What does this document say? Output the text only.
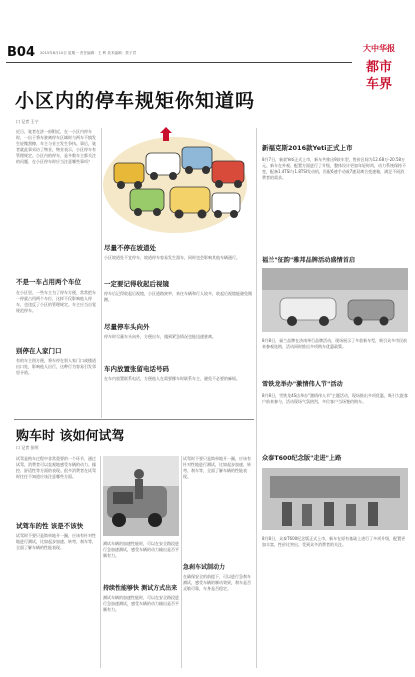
B04 2015年8月10日 星期一 责任编辑：王 利 美术编辑：蔡子君	大中华报
都市
车界
小区内的停车规矩你知道吗
口 记者 王宁
近日，笔者在济一府附近，在一小区内停车时，一出于将车驶离停车区域时与两车不慎发生轻微刮擦，车主与业主发生争执。事后，笔者就此事采访了物业，物业表示，小区停车有管理规定。小区内的停车，是多数车主都关注的问题，在小区停车时应当注意哪些事项？
不是一车占用两个车位
在小区里，一些车主为了停车方便，常常把车一停就占用两个车位，这样不仅影响他人停车，也违反了小区的管理规定。车主应当自觉规范停车。
别停在人家门口
有的车主图方便，将车停在别人家门口或楼道出口处，影响他人出行，这种行为容易引发邻里矛盾。
尽量不停在坡道处
小区坡道处不宜停车，坡道停车容易发生溜车，同时也会影响其他车辆通行。
一定要记得收起后视镜
停车后记得收起后视镜，小区道路狭窄，来往车辆和行人较多，收起后视镜能避免剐蹭。
尽量停车头向外
停车时尽量车头向外，方便出车，遇到紧急情况也能迅速驶离。
车内放置张留电话号码
在车内放置联系电话，方便他人在需要挪车时联系车主，避免不必要的麻烦。
新福克斯2016款Yeti正式上市
8月7日，新款Yeti正式上市，新车共推出9款车型，售价区间为12.68万-20.58万元。新车在外观、配置方面进行了升级，整体设计更加年轻时尚，动力系统保持不变，配备1.4TSI与1.8TSI发动机，匹配6速手动或7速双离合变速箱，满足不同消费者的需求。
福兰"征韵"雅邦品牌活动盛情首启
8月8日，福兰品牌在济南举行品牌活动，现场展示了多款新车型，吸引众多市民前来参观选购，活动同时推出多项购车优惠政策。
雪铁龙举办"激情伟人节"活动
8月8日，雪铁龙4S店举办"激情伟人节"主题活动，现场推出多项优惠，吸引大批客户前来参与，活动现场气氛热烈，多位客户当场签约购车。
众泰T600纪念版"走进"上路
8月8日，众泰T600纪念版正式上市，新车在原有基础上进行了多项升级，配置更加丰富，性价比突出，受到众多消费者的关注。
购车时 该如何试驾
口 记者 张明
试驾是购车过程中非常重要的一个环节，通过试驾，消费者可以直观地感受车辆的动力、操控、舒适性等方面的表现。很多消费者在试驾时往往不知道应该注意哪些方面。
试驾车的性 该是不该快
试驾时不要只是简单地开一圈，应该有针对性地进行测试，比如起步加速、转弯、刹车等，全面了解车辆的性能表现。
测试车辆的加速性能时，可以在安全路段进行急加速测试，感受车辆的动力输出是否平顺有力。
持续性能够快 测试方式出来
测试车辆的加速性能时，可以在安全路段进行急加速测试，感受车辆的动力输出是否平顺有力。
试驾时不要只是简单地开一圈，应该有针对性地进行测试，比如起步加速、转弯、刹车等，全面了解车辆的性能表现。
急刹车试制动力
在确保安全的前提下，可以进行急刹车测试，感受车辆的制动效果，刹车是否灵敏可靠，车身是否稳定。
